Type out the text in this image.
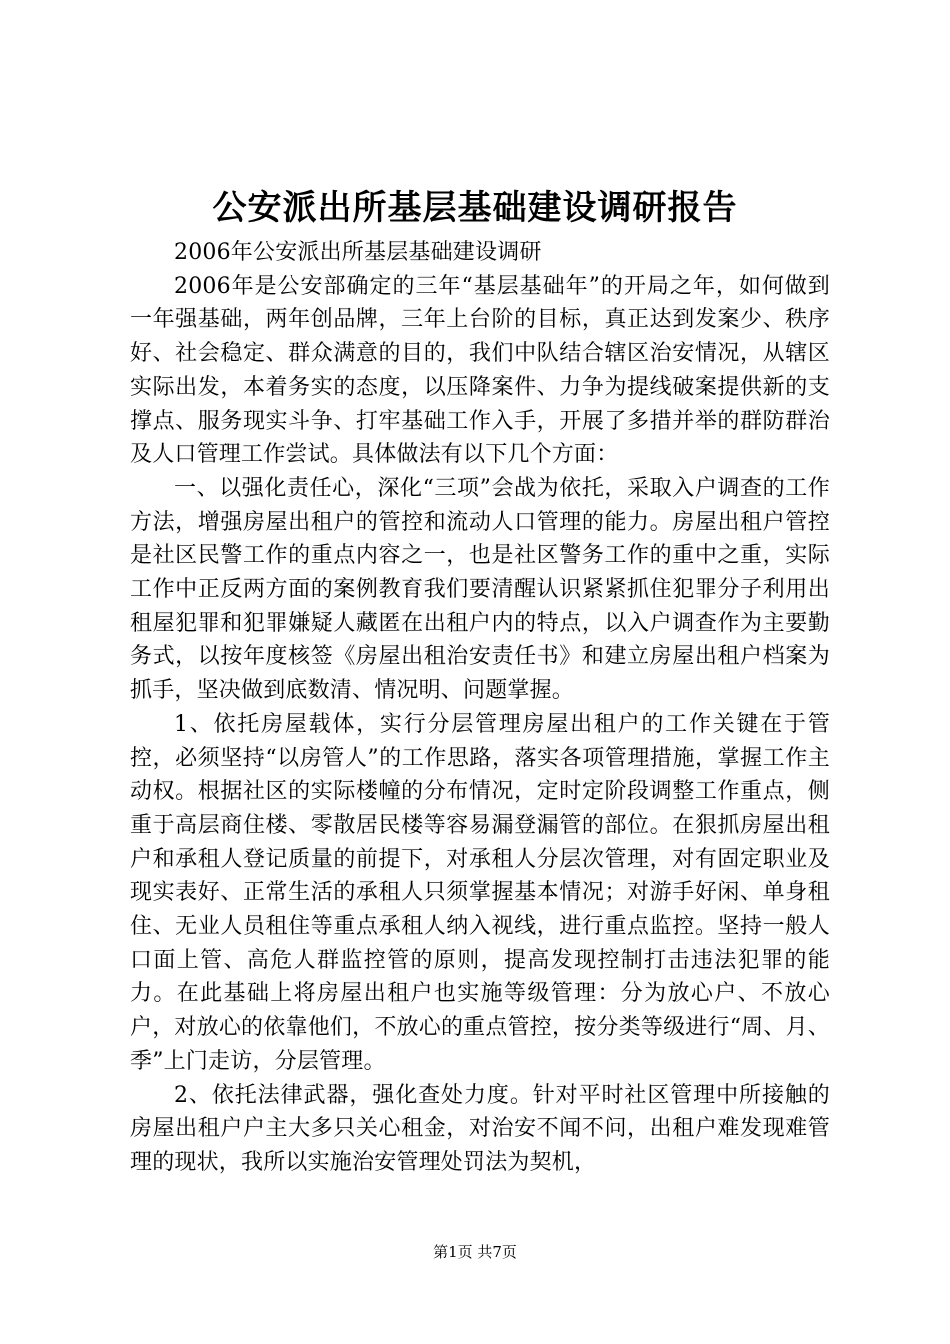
公安派出所基层基础建设调研报告

2006年公安派出所基层基础建设调研

2006年是公安部确定的三年“基层基础年”的开局之年，如何做到一年强基础，两年创品牌，三年上台阶的目标，真正达到发案少、秩序好、社会稳定、群众满意的目的，我们中队结合辖区治安情况，从辖区实际出发，本着务实的态度，以压降案件、力争为提线破案提供新的支撑点、服务现实斗争、打牢基础工作入手，开展了多措并举的群防群治及人口管理工作尝试。具体做法有以下几个方面：

一、以强化责任心，深化“三项”会战为依托，采取入户调查的工作方法，增强房屋出租户的管控和流动人口管理的能力。房屋出租户管控是社区民警工作的重点内容之一，也是社区警务工作的重中之重，实际工作中正反两方面的案例教育我们要清醒认识紧紧抓住犯罪分子利用出租屋犯罪和犯罪嫌疑人藏匿在出租户内的特点，以入户调查作为主要勤务式，以按年度核签《房屋出租治安责任书》和建立房屋出租户档案为抓手，坚决做到底数清、情况明、问题掌握。

1、依托房屋载体，实行分层管理房屋出租户的工作关键在于管控，必须坚持“以房管人”的工作思路，落实各项管理措施，掌握工作主动权。根据社区的实际楼幢的分布情况，定时定阶段调整工作重点，侧重于高层商住楼、零散居民楼等容易漏登漏管的部位。在狠抓房屋出租户和承租人登记质量的前提下，对承租人分层次管理，对有固定职业及现实表好、正常生活的承租人只须掌握基本情况；对游手好闲、单身租住、无业人员租住等重点承租人纳入视线，进行重点监控。坚持一般人口面上管、高危人群监控管的原则，提高发现控制打击违法犯罪的能力。在此基础上将房屋出租户也实施等级管理：分为放心户、不放心户，对放心的依靠他们，不放心的重点管控，按分类等级进行“周、月、季”上门走访，分层管理。

2、依托法律武器，强化查处力度。针对平时社区管理中所接触的房屋出租户户主大多只关心租金，对治安不闻不问，出租户难发现难管理的现状，我所以实施治安管理处罚法为契机，

第1页 共7页
